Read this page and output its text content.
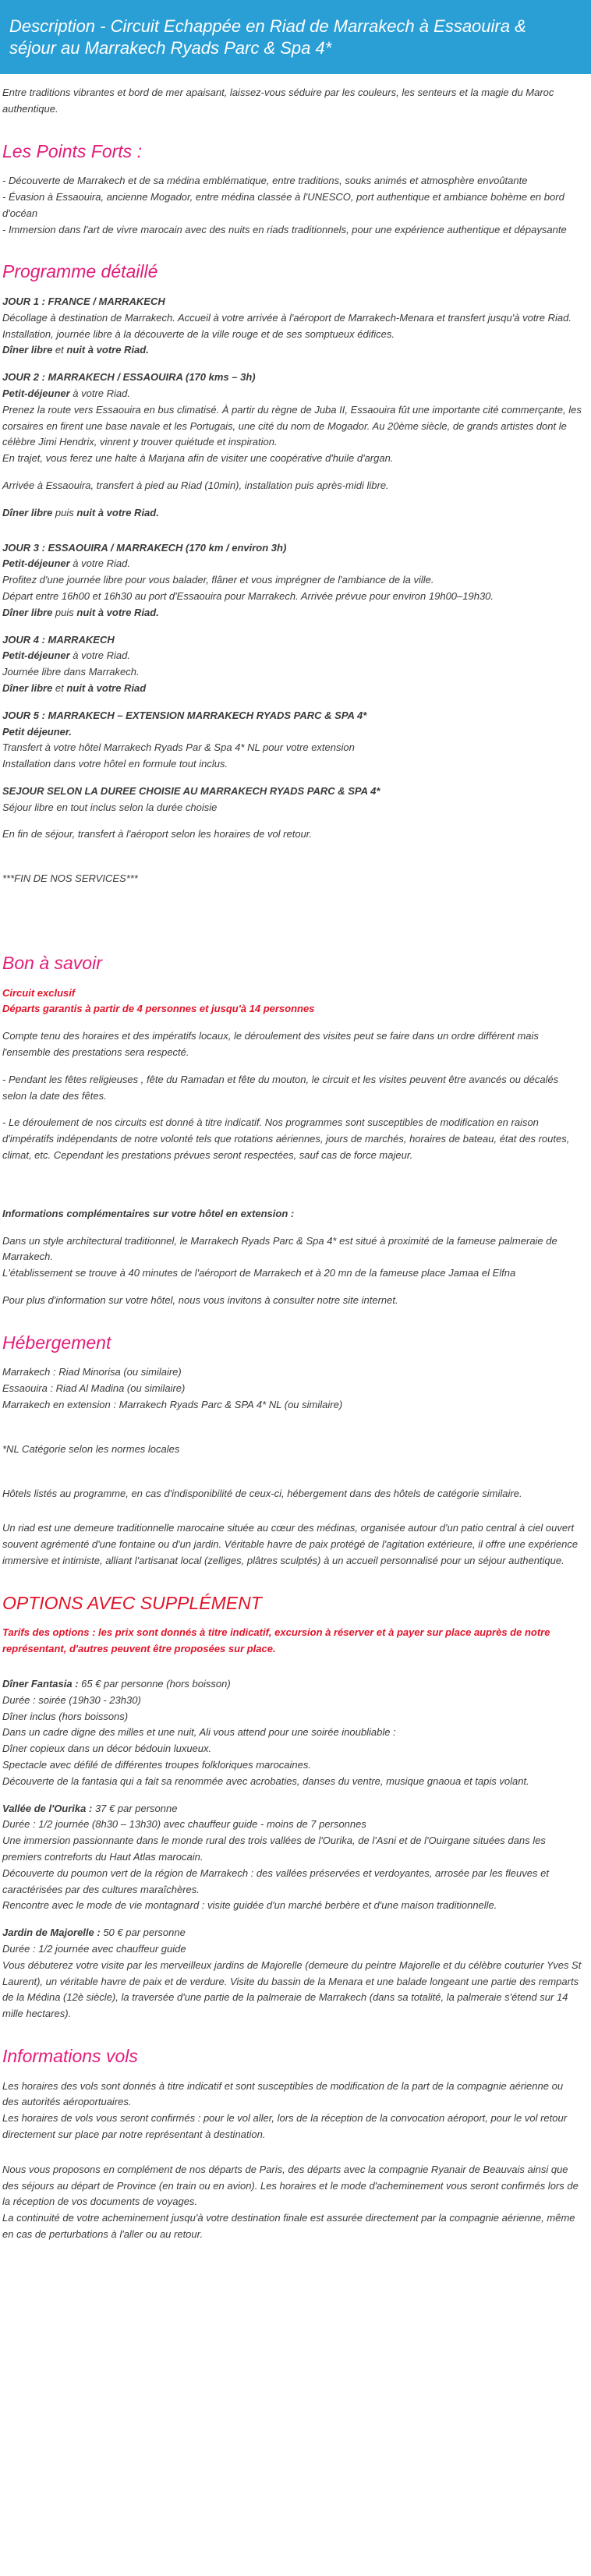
Description - Circuit Echappée en Riad de Marrakech à Essaouira & séjour au Marrakech Ryads Parc & Spa 4*

Entre traditions vibrantes et bord de mer apaisant, laissez-vous séduire par les couleurs, les senteurs et la magie du Maroc authentique.

Les Points Forts :

- Découverte de Marrakech et de sa médina emblématique, entre traditions, souks animés et atmosphère envoûtante
- Évasion à Essaouira, ancienne Mogador, entre médina classée à l'UNESCO, port authentique et ambiance bohème en bord d'océan
- Immersion dans l'art de vivre marocain avec des nuits en riads traditionnels, pour une expérience authentique et dépaysante

Programme détaillé

JOUR 1 : FRANCE / MARRAKECH
Décollage à destination de Marrakech. Accueil à votre arrivée à l'aéroport de Marrakech-Menara et transfert jusqu'à votre Riad. Installation, journée libre à la découverte de la ville rouge et de ses somptueux édifices.
Dîner libre et nuit à votre Riad.

JOUR 2 : MARRAKECH / ESSAOUIRA (170 kms – 3h)
Petit-déjeuner à votre Riad.
Prenez la route vers Essaouira en bus climatisé. À partir du règne de Juba II, Essaouira fût une importante cité commerçante, les corsaires en firent une base navale et les Portugais, une cité du nom de Mogador. Au 20ème siècle, de grands artistes dont le célèbre Jimi Hendrix, vinrent y trouver quiétude et inspiration.
En trajet, vous ferez une halte à Marjana afin de visiter une coopérative d'huile d'argan.

Arrivée à Essaouira, transfert à pied au Riad (10min), installation puis après-midi libre.

Dîner libre puis nuit à votre Riad.

JOUR 3 : ESSAOUIRA / MARRAKECH (170 km / environ 3h)
Petit-déjeuner à votre Riad.
Profitez d'une journée libre pour vous balader, flâner et vous imprégner de l'ambiance de la ville.
Départ entre 16h00 et 16h30 au port d'Essaouira pour Marrakech. Arrivée prévue pour environ 19h00–19h30.
Dîner libre puis nuit à votre Riad.

JOUR 4 : MARRAKECH
Petit-déjeuner à votre Riad.
Journée libre dans Marrakech.
Dîner libre et nuit à votre Riad

JOUR 5 : MARRAKECH – EXTENSION MARRAKECH RYADS PARC & SPA 4*
Petit déjeuner.
Transfert à votre hôtel Marrakech Ryads Par & Spa 4* NL pour votre extension
Installation dans votre hôtel en formule tout inclus.

SEJOUR SELON LA DUREE CHOISIE AU MARRAKECH RYADS PARC & SPA 4*
Séjour libre en tout inclus selon la durée choisie

En fin de séjour, transfert à l'aéroport selon les horaires de vol retour.

***FIN DE NOS SERVICES***

Bon à savoir

Circuit exclusif
Départs garantis à partir de 4 personnes et jusqu'à 14 personnes

Compte tenu des horaires et des impératifs locaux, le déroulement des visites peut se faire dans un ordre différent mais l'ensemble des prestations sera respecté.

- Pendant les fêtes religieuses , fête du Ramadan et fête du mouton, le circuit et les visites peuvent être avancés ou décalés selon la date des fêtes.

- Le déroulement de nos circuits est donné à titre indicatif. Nos programmes sont susceptibles de modification en raison d'impératifs indépendants de notre volonté tels que rotations aériennes, jours de marchés, horaires de bateau, état des routes, climat, etc. Cependant les prestations prévues seront respectées, sauf cas de force majeur.

Informations complémentaires sur votre hôtel en extension :

Dans un style architectural traditionnel, le Marrakech Ryads Parc & Spa 4* est situé à proximité de la fameuse palmeraie de Marrakech.
L'établissement se trouve à 40 minutes de l'aéroport de Marrakech et à 20 mn de la fameuse place Jamaa el Elfna

Pour plus d'information sur votre hôtel, nous vous invitons à consulter notre site internet.

Hébergement

Marrakech : Riad Minorisa (ou similaire)
Essaouira : Riad Al Madina (ou similaire)
Marrakech en extension : Marrakech Ryads Parc & SPA 4* NL (ou similaire)

*NL Catégorie selon les normes locales

Hôtels listés au programme, en cas d'indisponibilité de ceux-ci, hébergement dans des hôtels de catégorie similaire.

Un riad est une demeure traditionnelle marocaine située au cœur des médinas, organisée autour d'un patio central à ciel ouvert souvent agrémenté d'une fontaine ou d'un jardin. Véritable havre de paix protégé de l'agitation extérieure, il offre une expérience immersive et intimiste, alliant l'artisanat local (zelliges, plâtres sculptés) à un accueil personnalisé pour un séjour authentique.

OPTIONS AVEC SUPPLÉMENT

Tarifs des options : les prix sont donnés à titre indicatif, excursion à réserver et à payer sur place auprès de notre représentant, d'autres peuvent être proposées sur place.

Dîner Fantasia : 65 € par personne (hors boisson)
Durée : soirée (19h30 - 23h30)
Dîner inclus (hors boissons)
Dans un cadre digne des milles et une nuit, Ali vous attend pour une soirée inoubliable :
Dîner copieux dans un décor bédouin luxueux.
Spectacle avec défilé de différentes troupes folkloriques marocaines.
Découverte de la fantasia qui a fait sa renommée avec acrobaties, danses du ventre, musique gnaoua et tapis volant.

Vallée de l'Ourika : 37 € par personne
Durée : 1/2 journée (8h30 – 13h30) avec chauffeur guide - moins de 7 personnes
Une immersion passionnante dans le monde rural des trois vallées de l'Ourika, de l'Asni et de l'Ouirgane situées dans les premiers contreforts du Haut Atlas marocain.
Découverte du poumon vert de la région de Marrakech : des vallées préservées et verdoyantes, arrosée par les fleuves et caractérisées par des cultures maraîchères.
Rencontre avec le mode de vie montagnard : visite guidée d'un marché berbère et d'une maison traditionnelle.

Jardin de Majorelle : 50 € par personne
Durée : 1/2 journée avec chauffeur guide
Vous débuterez votre visite par les merveilleux jardins de Majorelle (demeure du peintre Majorelle et du célèbre couturier Yves St Laurent), un véritable havre de paix et de verdure. Visite du bassin de la Menara et une balade longeant une partie des remparts de la Médina (12è siècle), la traversée d'une partie de la palmeraie de Marrakech (dans sa totalité, la palmeraie s'étend sur 14 mille hectares).

Informations vols

Les horaires des vols sont donnés à titre indicatif et sont susceptibles de modification de la part de la compagnie aérienne ou des autorités aéroportuaires.
Les horaires de vols vous seront confirmés : pour le vol aller, lors de la réception de la convocation aéroport, pour le vol retour directement sur place par notre représentant à destination.

Nous vous proposons en complément de nos départs de Paris, des départs avec la compagnie Ryanair de Beauvais ainsi que des séjours au départ de Province (en train ou en avion). Les horaires et le mode d'acheminement vous seront confirmés lors de la réception de vos documents de voyages.
La continuité de votre acheminement jusqu'à votre destination finale est assurée directement par la compagnie aérienne, même en cas de perturbations à l'aller ou au retour.
